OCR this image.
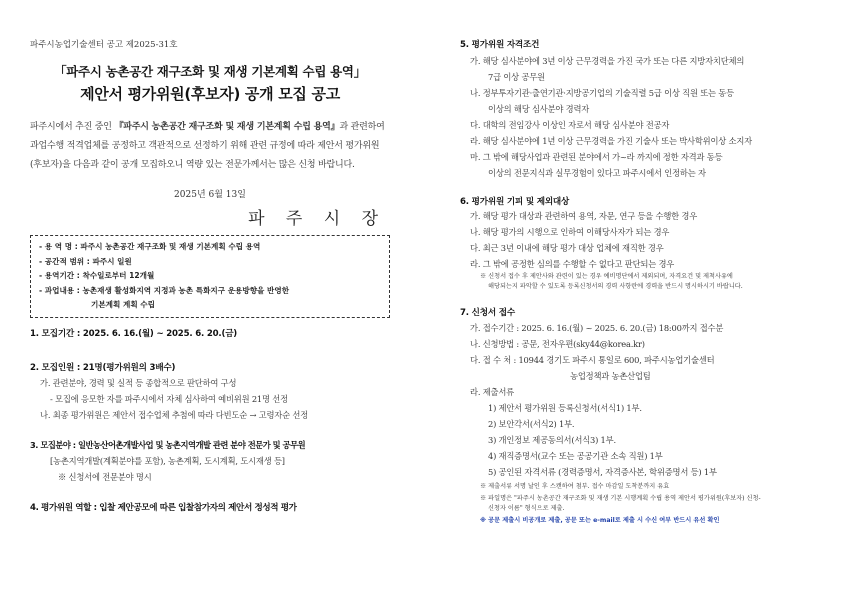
파주시농업기술센터 공고 제2025-31호
「파주시 농촌공간 재구조화 및 재생 기본계획 수립 용역」
제안서 평가위원(후보자) 공개 모집 공고
파주시에서 추진 중인 『파주시 농촌공간 재구조화 및 재생 기본계획 수립 용역』과 관련하여 과업수행 적격업체를 공정하고 객관적으로 선정하기 위해 관련 규정에 따라 제안서 평가위원(후보자)을 다음과 같이 공개 모집하오니 역량 있는 전문가께서는 많은 신청 바랍니다.
2025년 6월 13일
파 주 시 장
- 용 역 명 : 파주시 농촌공간 재구조화 및 재생 기본계획 수립 용역
- 공간적 범위 : 파주시 일원
- 용역기간 : 착수일로부터 12개월
- 과업내용 : 농촌재생 활성화지역 지정과 농촌 특화지구 운용방향을 반영한
기본계획 계획 수립
1. 모집기간 : 2025. 6. 16.(월) ~ 2025. 6. 20.(금)
2. 모집인원 : 21명(평가위원의 3배수)
가. 관련분야, 경력 및 실적 등 종합적으로 판단하여 구성
- 모집에 응모한 자를 파주시에서 자체 심사하여 예비위원 21명 선정
나. 최종 평가위원은 제안서 접수업체 추첨에 따라 다빈도순 → 고령자순 선정
3. 모집분야 : 일반농산어촌개발사업 및 농촌지역개발 관련 분야 전문가 및 공무원
[농촌지역개발(계획분야를 포함), 농촌계획, 도시계획, 도시재생 등]
※ 신청서에 전문분야 명시
4. 평가위원 역할 : 입찰 제안공모에 따른 입찰참가자의 제안서 정성적 평가
5. 평가위원 자격조건
가. 해당 심사분야에 3년 이상 근무경력을 가진 국가 또는 다른 지방자치단체의
7급 이상 공무원
나. 정부투자기관·출연기관·지방공기업의 기술직렬 5급 이상 직원 또는 동등
이상의 해당 심사분야 경력자
다. 대학의 전임강사 이상인 자로서 해당 심사분야 전공자
라. 해당 심사분야에 1년 이상 근무경력을 가진 기술사 또는 박사학위이상 소지자
마. 그 밖에 해당사업과 관련된 분야에서 가~라 까지에 정한 자격과 동등
이상의 전문지식과 실무경험이 있다고 파주시에서 인정하는 자
6. 평가위원 기피 및 제외대상
가. 해당 평가 대상과 관련하여 용역, 자문, 연구 등을 수행한 경우
나. 해당 평가의 시행으로 인하여 이해당사자가 되는 경우
다. 최근 3년 이내에 해당 평가 대상 업체에 재직한 경우
라. 그 밖에 공정한 심의를 수행할 수 없다고 판단되는 경우
※ 신청서 접수 후 제안사와 관련이 있는 경우 예비명단에서 제외되며, 자격요건 및 제척사유에
해당되는지 파악할 수 있도록 등록신청서의 경력 사항란에 경력을 반드시 명시하시기 바랍니다.
7. 신청서 접수
가. 접수기간 : 2025. 6. 16.(월) ~ 2025. 6. 20.(금) 18:00까지 접수분
나. 신청방법 : 공문, 전자우편(sky44@korea.kr)
다. 접 수 처 : 10944 경기도 파주시 통일로 600, 파주시농업기술센터
농업정책과 농촌산업팀
라. 제출서류
1) 제안서 평가위원 등록신청서(서식1) 1부.
2) 보안각서(서식2) 1부.
3) 개인정보 제공동의서(서식3) 1부.
4) 재직증명서(교수 또는 공공기관 소속 직원) 1부
5) 공인된 자격서류 (경력증명서, 자격증사본, 학위증명서 등) 1부
※ 제출서류 서명 날인 후 스캔하여 첨부. 접수 마감일 도착분까지 유효
※ 파일명은 "파주시 농촌공간 재구조화 및 재생 기본 시행계획 수립 용역 제안서 평가위원(후보자) 신청-
신청자 이름" 형식으로 제출.
※ 공문 제출시 비공개로 제출, 공문 또는 e-mail로 제출 시 수신 여부 반드시 유선 확인
